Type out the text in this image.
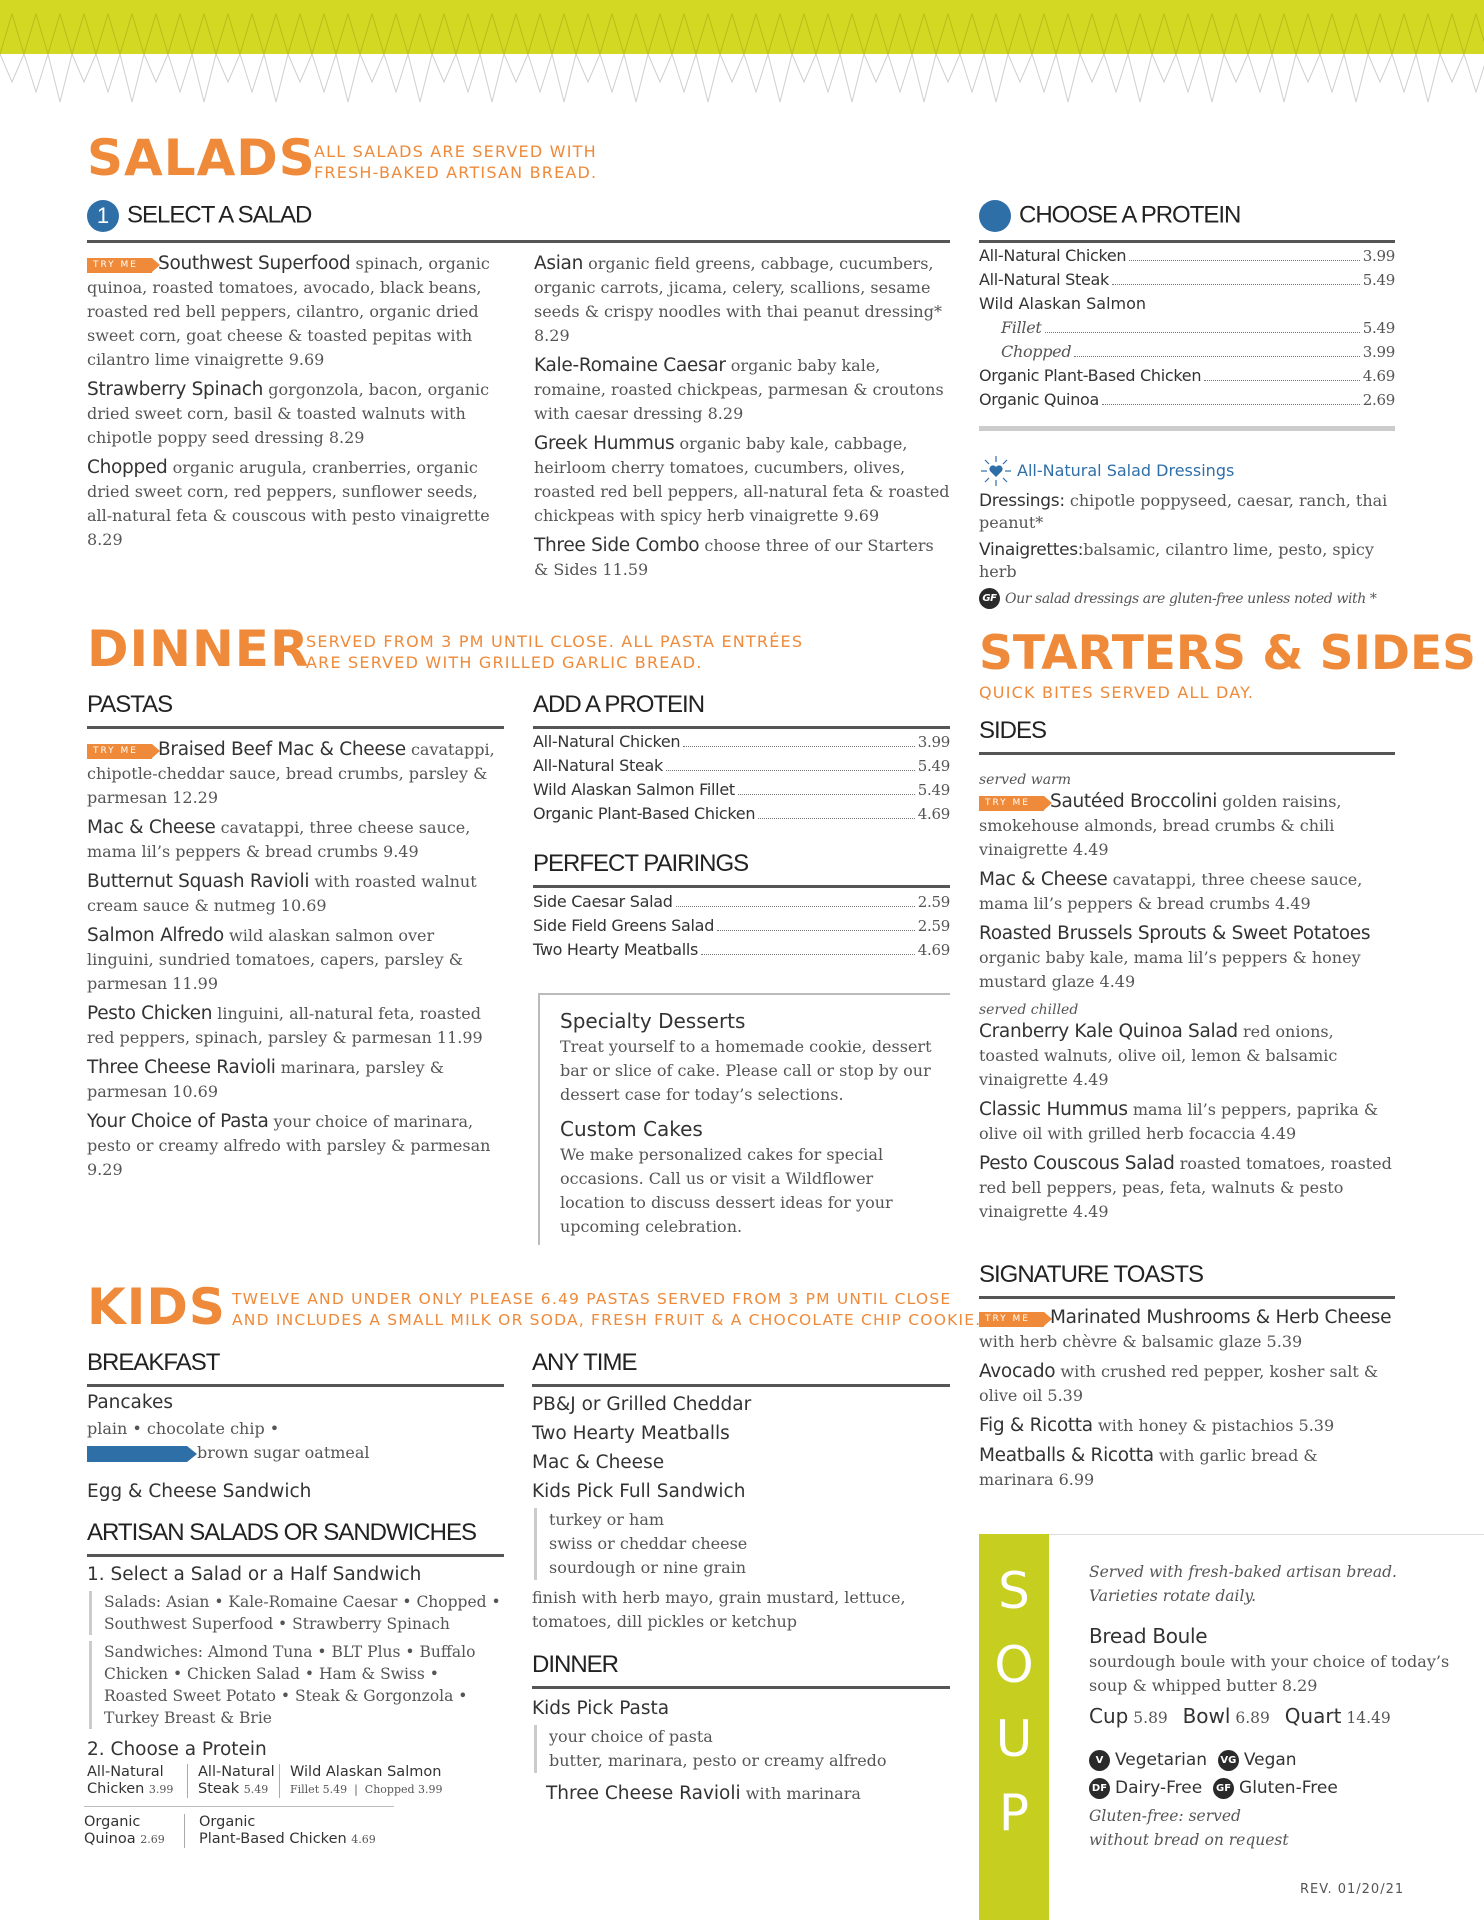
SALADS
ALL SALADS ARE SERVED WITH
FRESH-BAKED ARTISAN BREAD.
1 SELECT A SALAD
TRY ME Southwest Superfood spinach, organic quinoa, roasted tomatoes, avocado, black beans, roasted red bell peppers, cilantro, organic dried sweet corn, goat cheese & toasted pepitas with cilantro lime vinaigrette 9.69
Strawberry Spinach gorgonzola, bacon, organic dried sweet corn, basil & toasted walnuts with chipotle poppy seed dressing 8.29
Chopped organic arugula, cranberries, organic dried sweet corn, red peppers, sunflower seeds, all-natural feta & couscous with pesto vinaigrette 8.29
Asian organic field greens, cabbage, cucumbers, organic carrots, jicama, celery, scallions, sesame seeds & crispy noodles with thai peanut dressing* 8.29
Kale-Romaine Caesar organic baby kale, romaine, roasted chickpeas, parmesan & croutons with caesar dressing 8.29
Greek Hummus organic baby kale, cabbage, heirloom cherry tomatoes, cucumbers, olives, roasted red bell peppers, all-natural feta & roasted chickpeas with spicy herb vinaigrette 9.69
Three Side Combo choose three of our Starters & Sides 11.59
CHOOSE A PROTEIN
All-Natural Chicken	3.99
All-Natural Steak	5.49
Wild Alaskan Salmon
Fillet	5.49
Chopped	3.99
Organic Plant-Based Chicken	4.69
Organic Quinoa	2.69
All-Natural Salad Dressings
Dressings: chipotle poppyseed, caesar, ranch, thai peanut*
Vinaigrettes:balsamic, cilantro lime, pesto, spicy herb
GF Our salad dressings are gluten-free unless noted with *
DINNER
SERVED FROM 3 PM UNTIL CLOSE. ALL PASTA ENTRÉES
ARE SERVED WITH GRILLED GARLIC BREAD.
PASTAS
TRY ME Braised Beef Mac & Cheese cavatappi, chipotle-cheddar sauce, bread crumbs, parsley & parmesan 12.29
Mac & Cheese cavatappi, three cheese sauce, mama lil’s peppers & bread crumbs 9.49
Butternut Squash Ravioli with roasted walnut cream sauce & nutmeg 10.69
Salmon Alfredo wild alaskan salmon over linguini, sundried tomatoes, capers, parsley & parmesan 11.99
Pesto Chicken linguini, all-natural feta, roasted red peppers, spinach, parsley & parmesan 11.99
Three Cheese Ravioli marinara, parsley & parmesan 10.69
Your Choice of Pasta your choice of marinara, pesto or creamy alfredo with parsley & parmesan 9.29
ADD A PROTEIN
All-Natural Chicken	3.99
All-Natural Steak	5.49
Wild Alaskan Salmon Fillet	5.49
Organic Plant-Based Chicken	4.69
PERFECT PAIRINGS
Side Caesar Salad	2.59
Side Field Greens Salad	2.59
Two Hearty Meatballs	4.69
Specialty Desserts

Treat yourself to a homemade cookie, dessert bar or slice of cake. Please call or stop by our dessert case for today’s selections.

Custom Cakes

We make personalized cakes for special occasions. Call us or visit a Wildflower location to discuss dessert ideas for your upcoming celebration.

STARTERS & SIDES
QUICK BITES SERVED ALL DAY.
SIDES
served warm
TRY ME Sautéed Broccolini golden raisins, smokehouse almonds, bread crumbs & chili vinaigrette 4.49
Mac & Cheese cavatappi, three cheese sauce, mama lil’s peppers & bread crumbs 4.49
Roasted Brussels Sprouts & Sweet Potatoes organic baby kale, mama lil’s peppers & honey mustard glaze 4.49
served chilled
Cranberry Kale Quinoa Salad red onions, toasted walnuts, olive oil, lemon & balsamic vinaigrette 4.49
Classic Hummus mama lil’s peppers, paprika & olive oil with grilled herb focaccia 4.49
Pesto Couscous Salad roasted tomatoes, roasted red bell peppers, peas, feta, walnuts & pesto vinaigrette 4.49
SIGNATURE TOASTS
TRY ME Marinated Mushrooms & Herb Cheese with herb chèvre & balsamic glaze 5.39
Avocado with crushed red pepper, kosher salt & olive oil 5.39
Fig & Ricotta with honey & pistachios 5.39
Meatballs & Ricotta with garlic bread & marinara 6.99
S
O
U
P
Served with fresh-baked artisan bread.
Varieties rotate daily.
Bread Boule
sourdough boule with your choice of today’s soup & whipped butter 8.29
Cup 5.89 Bowl 6.89 Quart 14.49
V Vegetarian VG Vegan
DF Dairy-Free GF Gluten-Free
Gluten-free: served
without bread on request
REV. 01/20/21
KIDS TWELVE AND UNDER ONLY PLEASE 6.49 PASTAS SERVED FROM 3 PM UNTIL CLOSE
AND INCLUDES A SMALL MILK OR SODA, FRESH FRUIT & A CHOCOLATE CHIP COOKIE.
BREAKFAST
Pancakes
plain • chocolate chip •
brown sugar oatmeal
Egg & Cheese Sandwich
ARTISAN SALADS OR SANDWICHES
1. Select a Salad or a Half Sandwich
Salads: Asian • Kale-Romaine Caesar • Chopped • Southwest Superfood • Strawberry Spinach
Sandwiches: Almond Tuna • BLT Plus • Buffalo Chicken • Chicken Salad • Ham & Swiss • Roasted Sweet Potato • Steak & Gorgonzola • Turkey Breast & Brie
2. Choose a Protein
All-Natural
Chicken 3.99
All-Natural
Steak 5.49
Wild Alaskan Salmon
Fillet 5.49  |  Chopped 3.99
Organic
Quinoa 2.69
Organic
Plant-Based Chicken 4.69
ANY TIME
PB&J or Grilled Cheddar
Two Hearty Meatballs
Mac & Cheese
Kids Pick Full Sandwich
turkey or ham
swiss or cheddar cheese
sourdough or nine grain
finish with herb mayo, grain mustard, lettuce, tomatoes, dill pickles or ketchup
DINNER
Kids Pick Pasta
your choice of pasta
butter, marinara, pesto or creamy alfredo
Three Cheese Ravioli with marinara
